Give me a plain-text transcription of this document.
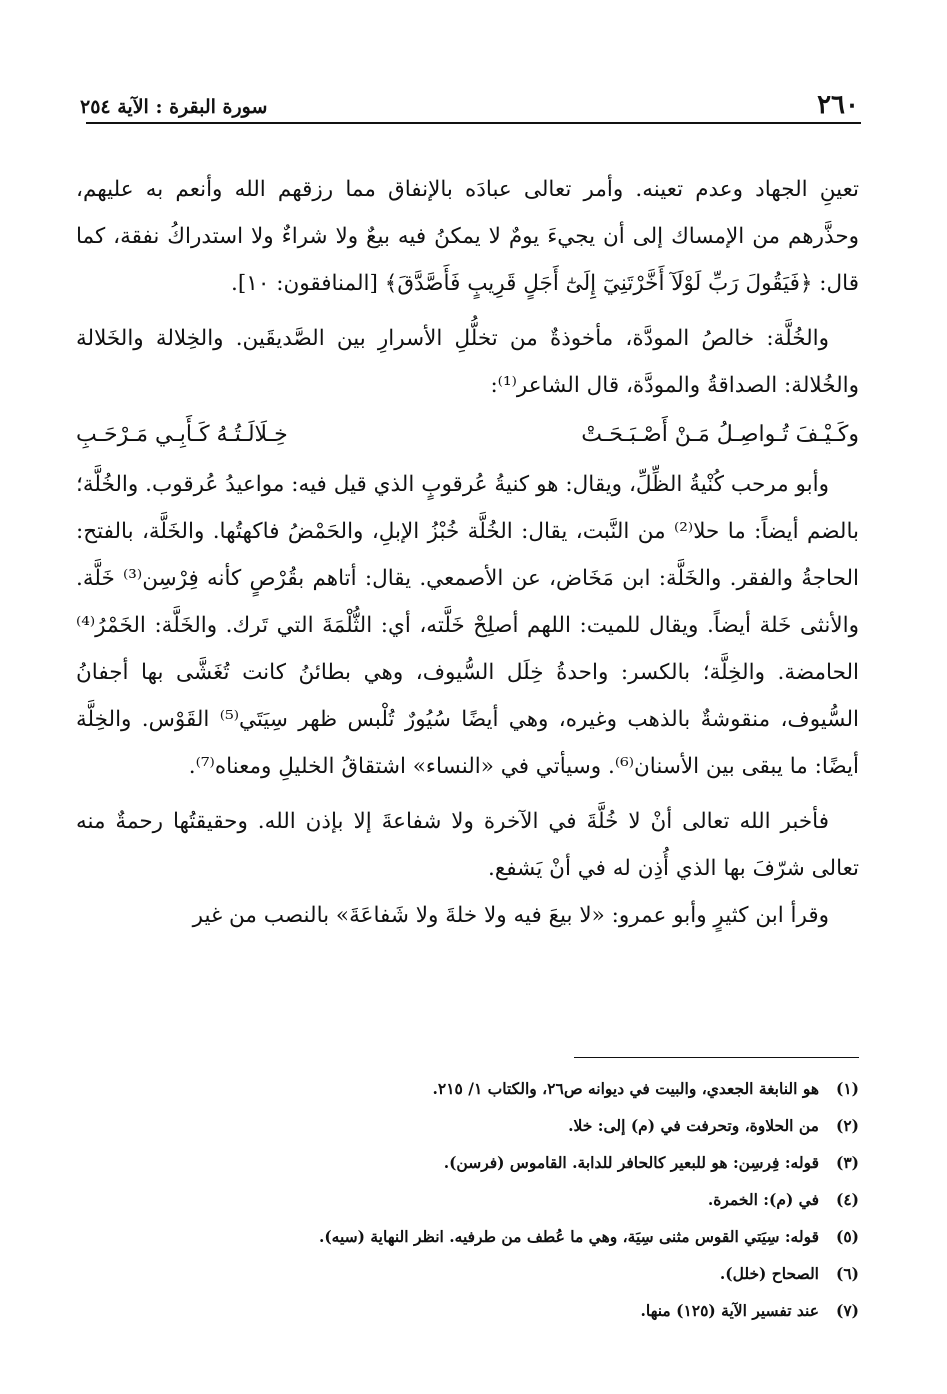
٢٦٠
سورة البقرة : الآية ٢٥٤

تعينِ الجهاد وعدم تعينه. وأمر تعالى عبادَه بالإنفاق مما رزقهم الله وأنعم به عليهم، وحذَّرهم من الإمساك إلى أن يجيءَ يومٌ لا يمكنُ فيه بيعٌ ولا شراءٌ ولا استدراكُ نفقة، كما قال: ﴿فَيَقُولَ رَبِّ لَوْلَآ أَخَّرْتَنِيٓ إِلَىٰٓ أَجَلٍ قَرِيبٍ فَأَصَّدَّقَ﴾ [المنافقون: ١٠].

والخُلَّة: خالصُ المودَّة، مأخوذةٌ من تخلُّلِ الأسرارِ بين الصَّديقَين. والخِلالة والخَلالة والخُلالة: الصداقةُ والمودَّة، قال الشاعر⁽¹⁾:

وكَـيْـفَ تُـواصِـلُ مَـنْ أَصْـبَـحَـتْ
خِـلَالَـتُـهُ كَـأَبِـي مَـرْحَـبِ

وأبو مرحب كُنْيةُ الظِّلِّ، ويقال: هو كنيةُ عُرقوبٍ الذي قيل فيه: مواعيدُ عُرقوب. والخُلَّة؛ بالضم أيضاً: ما حلا⁽²⁾ من النَّبت، يقال: الخُلَّة خُبْزُ الإبلِ، والحَمْضُ فاكهتُها. والخَلَّة، بالفتح: الحاجةُ والفقر. والخَلَّة: ابن مَخَاض، عن الأصمعي. يقال: أتاهم بقُرْصٍ كأنه فِرْسِن⁽³⁾ خَلَّة. والأنثى خَلة أيضاً. ويقال للميت: اللهم أصلِحْ خَلَّته، أي: الثُّلْمَةَ التي تَرك. والخَلَّة: الخَمْرُ⁽⁴⁾ الحامضة. والخِلَّة؛ بالكسر: واحدةُ خِلَل السُّيوف، وهي بطائنُ كانت تُغَشَّى بها أجفانُ السُّيوف، منقوشةٌ بالذهب وغيره، وهي أيضًا سُيُورٌ تُلْبس ظهر سِيَتَي⁽⁵⁾ القَوْس. والخِلَّة أيضًا: ما يبقى بين الأسنان⁽⁶⁾. وسيأتي في «النساء» اشتقاقُ الخليلِ ومعناه⁽⁷⁾.

فأخبر الله تعالى أنْ لا خُلَّةَ في الآخرة ولا شفاعةَ إلا بإذن الله. وحقيقتُها رحمةٌ منه تعالى شرّفَ بها الذي أُذِن له في أنْ يَشفع.

وقرأ ابن كثيرٍ وأبو عمرو: «لا بيعَ فيه ولا خلةَ ولا شَفاعَةَ» بالنصب من غير

(١)
هو النابغة الجعدي، والبيت في ديوانه ص٢٦، والكتاب ١/ ٢١٥.
(٢)
من الحلاوة، وتحرفت في (م) إلى: خلا.
(٣)
قوله: فِرسِن: هو للبعير كالحافر للدابة. القاموس (فرسن).
(٤)
في (م): الخمرة.
(٥)
قوله: سِيَتي القوس مثنى سِيَة، وهي ما عُطف من طرفيه. انظر النهاية (سيه).
(٦)
الصحاح (خلل).
(٧)
عند تفسير الآية (١٢٥) منها.
